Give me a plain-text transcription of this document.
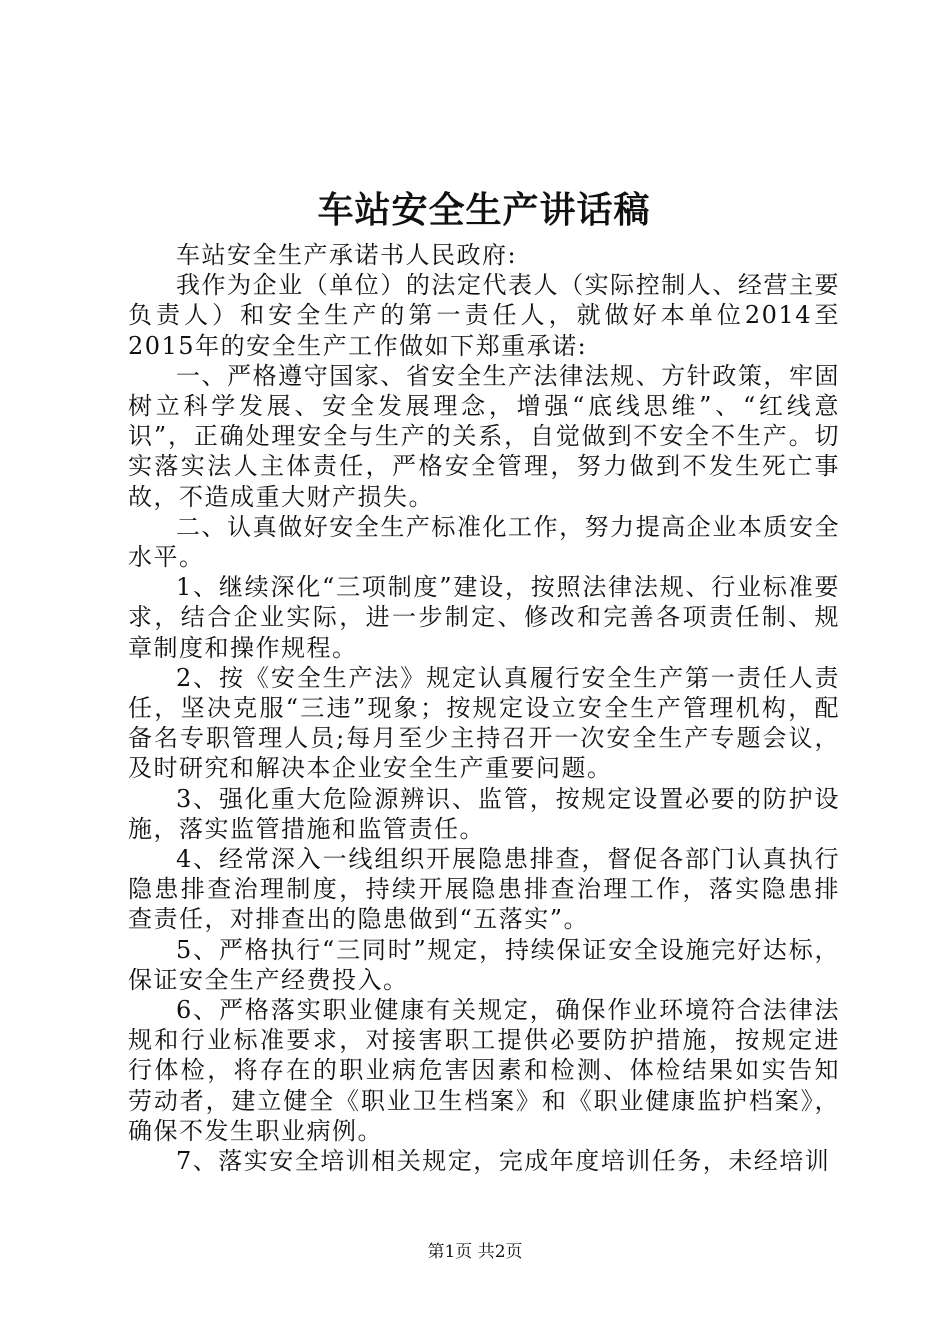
车站安全生产讲话稿

车站安全生产承诺书人民政府:

我作为企业（单位）的法定代表人（实际控制人、经营主要负责人）和安全生产的第一责任人，就做好本单位2014至2015年的安全生产工作做如下郑重承诺:

一、严格遵守国家、省安全生产法律法规、方针政策，牢固树立科学发展、安全发展理念，增强“底线思维”、“红线意识”，正确处理安全与生产的关系，自觉做到不安全不生产。切实落实法人主体责任，严格安全管理，努力做到不发生死亡事故，不造成重大财产损失。

二、认真做好安全生产标准化工作，努力提高企业本质安全水平。

1、继续深化“三项制度”建设，按照法律法规、行业标准要求，结合企业实际，进一步制定、修改和完善各项责任制、规章制度和操作规程。

2、按《安全生产法》规定认真履行安全生产第一责任人责任，坚决克服“三违”现象；按规定设立安全生产管理机构，配备名专职管理人员;每月至少主持召开一次安全生产专题会议，及时研究和解决本企业安全生产重要问题。

3、强化重大危险源辨识、监管，按规定设置必要的防护设施，落实监管措施和监管责任。

4、经常深入一线组织开展隐患排查，督促各部门认真执行隐患排查治理制度，持续开展隐患排查治理工作，落实隐患排查责任，对排查出的隐患做到“五落实”。

5、严格执行“三同时”规定，持续保证安全设施完好达标，保证安全生产经费投入。

6、严格落实职业健康有关规定，确保作业环境符合法律法规和行业标准要求，对接害职工提供必要防护措施，按规定进行体检，将存在的职业病危害因素和检测、体检结果如实告知劳动者，建立健全《职业卫生档案》和《职业健康监护档案》，确保不发生职业病例。

7、落实安全培训相关规定，完成年度培训任务，未经培训

第1页 共2页
